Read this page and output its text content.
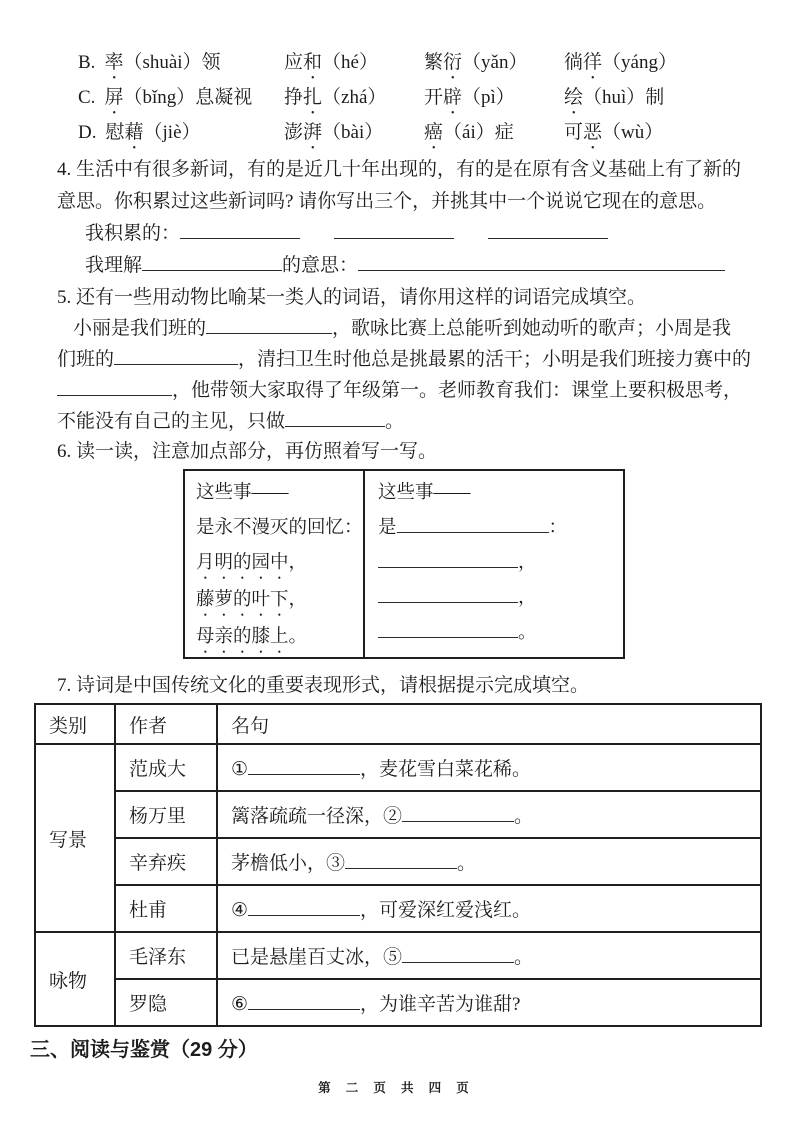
B. 率（shuài）领	应和（hé）	繁衍（yǎn）	徜徉（yáng）
C. 屏（bǐng）息凝视	挣扎（zhá）	开辟（pì）	绘（huì）制
D. 慰藉（jiè）	澎湃（bài）	癌（ái）症	可恶（wù）

4. 生活中有很多新词，有的是近几十年出现的，有的是在原有含义基础上有了新的

意思。你积累过这些新词吗? 请你写出三个，并挑其中一个说说它现在的意思。

我积累的：

我理解	的意思：

5. 还有一些用动物比喻某一类人的词语，请你用这样的词语完成填空。

小丽是我们班的	，歌咏比赛上总能听到她动听的歌声；小周是我

们班的	，清扫卫生时他总是挑最累的活干；小明是我们班接力赛中的

，他带领大家取得了年级第一。老师教育我们：课堂上要积极思考，

不能没有自己的主见，只做	。

6. 读一读，注意加点部分，再仿照着写一写。

这些事——

是永不漫灭的回忆：

月明的园中，

藤萝的叶下，

母亲的膝上。

这些事——

是	：

，

，

。

7. 诗词是中国传统文化的重要表现形式，请根据提示完成填空。

类别	作者	名句
写景	范成大	① ，麦花雪白菜花稀。
	杨万里	篱落疏疏一径深，② 。
	辛弃疾	茅檐低小，③ 。
	杜甫	④ ，可爱深红爱浅红。
咏物	毛泽东	已是悬崖百丈冰，⑤ 。
	罗隐	⑥ ，为谁辛苦为谁甜?
三、阅读与鉴赏（29 分）
第 二 页 共 四 页
